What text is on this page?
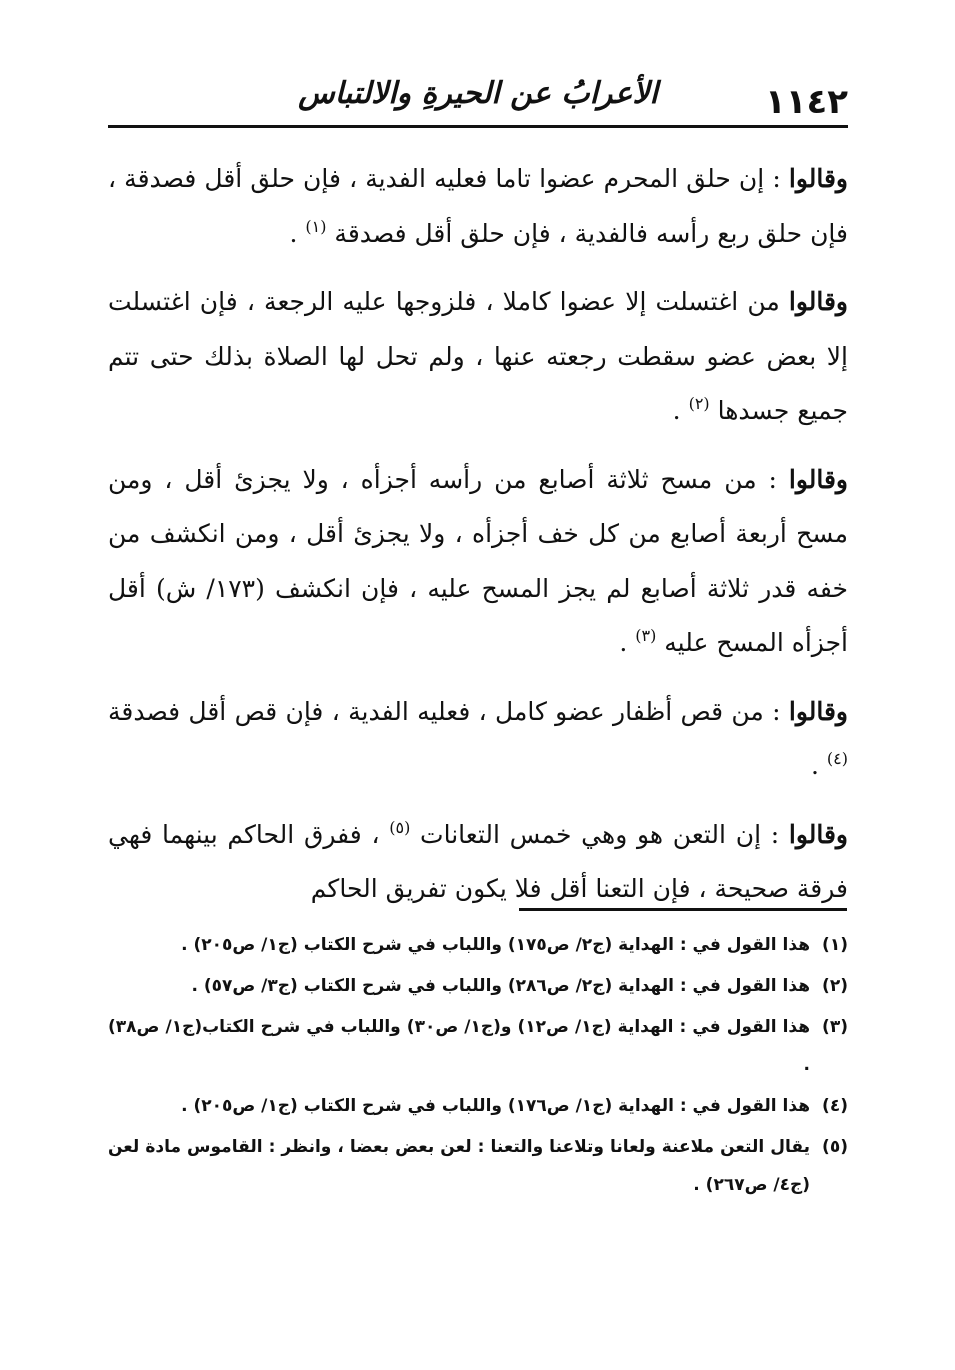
١١٤٢
الأعرابُ عن الحيرةِ والالتباس

وقالوا : إن حلق المحرم عضوا تاما فعليه الفدية ، فإن حلق أقل فصدقة ، فإن حلق ربع رأسه فالفدية ، فإن حلق أقل فصدقة $^{(١)}$ .

وقالوا من اغتسلت إلا عضوا كاملا ، فلزوجها عليه الرجعة ، فإن اغتسلت إلا بعض عضو سقطت رجعته عنها ، ولم تحل لها الصلاة بذلك حتى تتم جميع جسدها $^{(٢)}$ .

وقالوا : من مسح ثلاثة أصابع من رأسه أجزأه ، ولا يجزئ أقل ، ومن مسح أربعة أصابع من كل خف أجزأه ، ولا يجزئ أقل ، ومن انكشف من خفه قدر ثلاثة أصابع لم يجز المسح عليه ، فإن انكشف (١٧٣/ ش) أقل أجزأه المسح عليه $^{(٣)}$ .

وقالوا : من قص أظفار عضو كامل ، فعليه الفدية ، فإن قص أقل فصدقة $^{(٤)}$ .

وقالوا : إن التعن هو وهي خمس التعانات $^{(٥)}$ ، ففرق الحاكم بينهما فهي فرقة صحيحة ، فإن التعنا أقل فلا يكون تفريق الحاكم

(١)
هذا القول في : الهداية (ج٢/ ص١٧٥) واللباب في شرح الكتاب (ج١/ ص٢٠٥) .
(٢)
هذا القول في : الهداية (ج٢/ ص٢٨٦) واللباب في شرح الكتاب (ج٣/ ص٥٧) .
(٣)
هذا القول في : الهداية (ج١/ ص١٢) و(ج١/ ص٣٠) واللباب في شرح الكتاب(ج١/ ص٣٨) .
(٤)
هذا القول في : الهداية (ج١/ ص١٧٦) واللباب في شرح الكتاب (ج١/ ص٢٠٥) .
(٥)
يقال التعن ملاعنة ولعانا وتلاعنا والتعنا : لعن بعض بعضا ، وانظر : القاموس مادة لعن (ج٤/ ص٢٦٧) .
